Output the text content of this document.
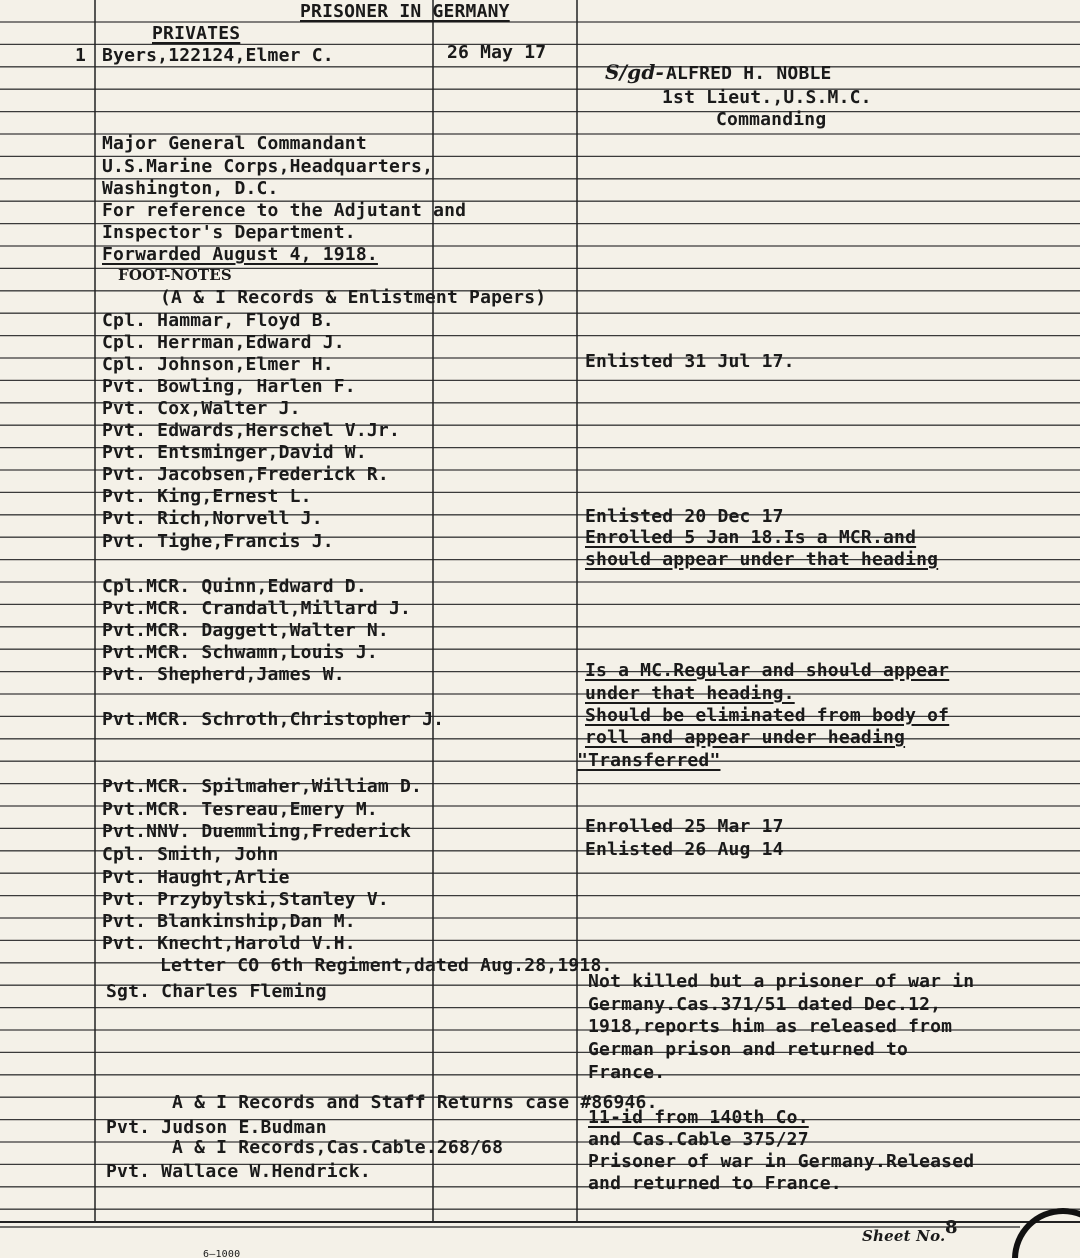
PRISONER IN GERMANY
PRIVATES
1 Byers,122124,Elmer C.	26 May 17
S/gd- ALFRED H. NOBLE
1st Lieut.,U.S.M.C.
Commanding
Major General Commandant
U.S.Marine Corps,Headquarters,
Washington, D.C.
For reference to the Adjutant and
Inspector's Department.
Forwarded August 4, 1918.
FOOT-NOTES
(A & I Records & Enlistment Papers)
Cpl. Hammar, Floyd B.
Cpl. Herrman,Edward J.
Cpl. Johnson,Elmer H.
Pvt. Bowling, Harlen F.
Pvt. Cox,Walter J.
Pvt. Edwards,Herschel V.Jr.
Pvt. Entsminger,David W.
Pvt. Jacobsen,Frederick R.
Pvt. King,Ernest L.
Pvt. Rich,Norvell J.
Pvt. Tighe,Francis J.
Cpl.MCR. Quinn,Edward D.
Pvt.MCR. Crandall,Millard J.
Pvt.MCR. Daggett,Walter N.
Pvt.MCR. Schwamn,Louis J.
Pvt. Shepherd,James W.
Pvt.MCR. Schroth,Christopher J.
Pvt.MCR. Spilmaher,William D.
Pvt.MCR. Tesreau,Emery M.
Pvt.NNV. Duemmling,Frederick
Cpl. Smith, John
Pvt. Haught,Arlie
Pvt. Przybylski,Stanley V.
Pvt. Blankinship,Dan M.
Pvt. Knecht,Harold V.H.
Letter CO 6th Regiment,dated Aug.28,1918.
Sgt. Charles Fleming
A & I Records and Staff Returns case #86946.
Pvt. Judson E.Budman
A & I Records,Cas.Cable.268/68
Pvt. Wallace W.Hendrick.
Enlisted 31 Jul 17.
Enlisted 20 Dec 17
Enrolled 5 Jan 18.Is a MCR.and
should appear under that heading
Is a MC.Regular and should appear
under that heading.
Should be eliminated from body of
roll and appear under heading
"Transferred"
Enrolled 25 Mar 17
Enlisted 26 Aug 14
Not killed but a prisoner of war in
Germany.Cas.371/51 dated Dec.12,
1918,reports him as released from
German prison and returned to
France.
11-id from 140th Co.
and Cas.Cable 375/27
Prisoner of war in Germany.Released
and returned to France.
Sheet No. 8
6—1000
